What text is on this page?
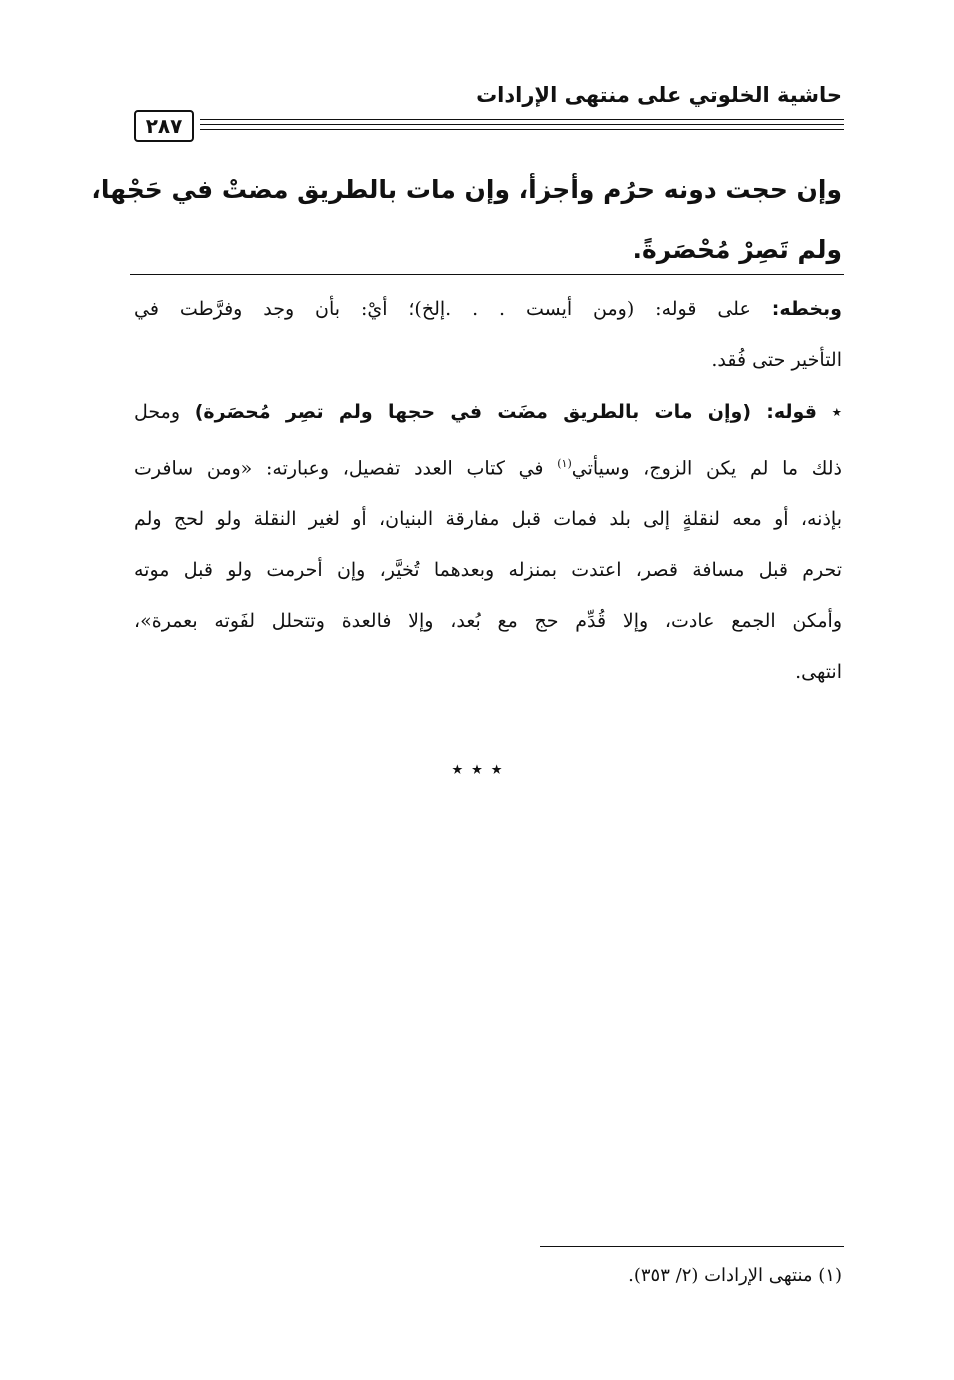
حاشية الخلوتي على منتهى الإرادات
٢٨٧
وإن حجت دونه حرُم وأجزأ، وإن مات بالطريق مضتْ في حَجْها،
ولم تَصِرْ مُحْصَرةً.
وبخطه: على قوله: (ومن أيست . . .إلخ)؛ أيْ: بأن وجد وفرَّطت في
التأخير حتى فُقد.
٭ قوله: (وإن مات بالطريق مضَت في حجها ولم تصِر مُحصَرة) ومحل
ذلك ما لم يكن الزوج، وسيأتي$^{(١)}$ في كتاب العدد تفصيل، وعبارته: «ومن سافرت
بإذنه، أو معه لنقلةٍ إلى بلد فمات قبل مفارقة البنيان، أو لغير النقلة ولو لحج ولم
تحرم قبل مسافة قصر، اعتدت بمنزله وبعدهما تُخيَّر، وإن أحرمت ولو قبل موته
وأمكن الجمع عادت، وإلا قُدِّم حج مع بُعد، وإلا فالعدة وتتحلل لفَوته بعمرة»،
انتهى.
٭ ٭ ٭
(١) منتهى الإرادات (٢/ ٣٥٣).
